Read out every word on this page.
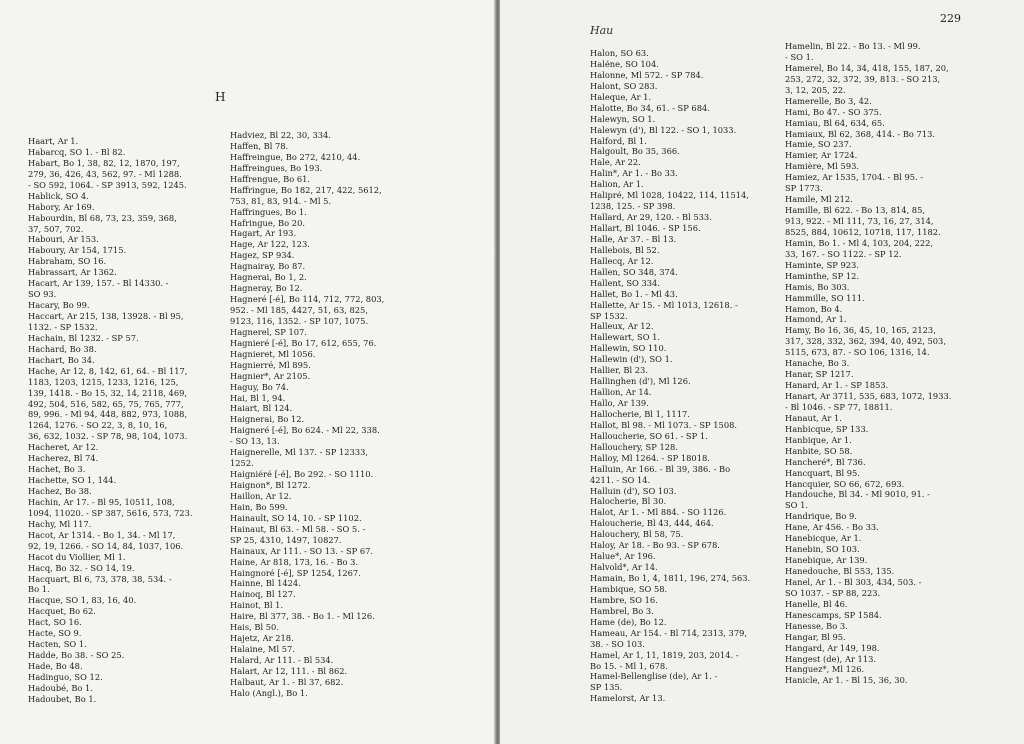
H
Haart, Ar 1.
Habarcq, SO 1. - Bl 82.
Habart, Bo 1, 38, 82, 12, 1870, 197,
279, 36, 426, 43, 562, 97. - Ml 1288.
- SO 592, 1064. - SP 3913, 592, 1245.
Hablick, SO 4.
Habory, Ar 169.
Habourdin, Bl 68, 73, 23, 359, 368,
37, 507, 702.
Habouri, Ar 153.
Haboury, Ar 154, 1715.
Habraham, SO 16.
Habrassart, Ar 1362.
Hacart, Ar 139, 157. - Bl 14330. -
SO 93.
Hacary, Bo 99.
Haccart, Ar 215, 138, 13928. - Bl 95,
1132. - SP 1532.
Hachain, Bl 1232. - SP 57.
Hachard, Bo 38.
Hachart, Bo 34.
Hache, Ar 12, 8, 142, 61, 64. - Bl 117,
1183, 1203, 1215, 1233, 1216, 125,
139, 1418. - Bo 15, 32, 14, 2118, 469,
492, 504, 516, 582, 65, 75, 765, 777,
89, 996. - Ml 94, 448, 882, 973, 1088,
1264, 1276. - SO 22, 3, 8, 10, 16,
36, 632, 1032. - SP 78, 98, 104, 1073.
Hacheret, Ar 12.
Hacherez, Bl 74.
Hachet, Bo 3.
Hachette, SO 1, 144.
Hachez, Bo 38.
Hachin, Ar 17. - Bl 95, 10511, 108,
1094, 11020. - SP 387, 5616, 573, 723.
Hachy, Ml 117.
Hacot, Ar 1314. - Bo 1, 34. - Ml 17,
92, 19, 1266. - SO 14, 84, 1037, 106.
Hacot du Viollier, Ml 1.
Hacq, Bo 32. - SO 14, 19.
Hacquart, Bl 6, 73, 378, 38, 534. -
Bo 1.
Hacque, SO 1, 83, 16, 40.
Hacquet, Bo 62.
Hact, SO 16.
Hacte, SO 9.
Hacten, SO 1.
Hadde, Bo 38. - SO 25.
Hade, Bo 48.
Hadinguo, SO 12.
Hadoubé, Bo 1.
Hadoubet, Bo 1.
Hadviez, Bl 22, 30, 334.
Haffen, Bl 78.
Haffreingue, Bo 272, 4210, 44.
Haffreingues, Bo 193.
Haffrengue, Bo 61.
Haffringue, Bo 182, 217, 422, 5612,
753, 81, 83, 914. - Ml 5.
Haffringues, Bo 1.
Hafringue, Bo 20.
Hagart, Ar 193.
Hage, Ar 122, 123.
Hagez, SP 934.
Hagnairay, Bo 87.
Hagnerai, Bo 1, 2.
Hagneray, Bo 12.
Hagneré [-é], Bo 114, 712, 772, 803,
952. - Ml 185, 4427, 51, 63, 825,
9123, 116, 1352. - SP 107, 1075.
Hagnerel, SP 107.
Hagnieré [-é], Bo 17, 612, 655, 76.
Hagnieret, Ml 1056.
Hagnierré, Ml 895.
Hagnier*, Ar 2105.
Haguy, Bo 74.
Hai, Bl 1, 94.
Haiart, Bl 124.
Haignerai, Bo 12.
Haigneré [-é], Bo 624. - Ml 22, 338.
- SO 13, 13.
Haignerelle, Ml 137. - SP 12333,
1252.
Haigniéré [-é], Bo 292. - SO 1110.
Haignon*, Bl 1272.
Haillon, Ar 12.
Hain, Bo 599.
Hainault, SO 14, 10. - SP 1102.
Hainaut, Bl 63. - Ml 58. - SO 5. -
SP 25, 4310, 1497, 10827.
Hainaux, Ar 111. - SO 13. - SP 67.
Haine, Ar 818, 173, 16. - Bo 3.
Haingnoré [-é], SP 1254, 1267.
Hainne, Bl 1424.
Hainoq, Bl 127.
Hainot, Bl 1.
Haire, Bl 377, 38. - Bo 1. - Ml 126.
Hais, Bl 50.
Hajetz, Ar 218.
Halaine, Ml 57.
Halard, Ar 111. - Bl 534.
Halart, Ar 12, 111. - Bl 862.
Halbaut, Ar 1. - Bl 37, 682.
Halo (Angl.), Bo 1.
229
Hau
Halon, SO 63.
Haléne, SO 104.
Halonne, Ml 572. - SP 784.
Halont, SO 283.
Haleque, Ar 1.
Halotte, Bo 34, 61. - SP 684.
Halewyn, SO 1.
Halewyn (d'), Bl 122. - SO 1, 1033.
Halford, Bl 1.
Halgoult, Bo 35, 366.
Hale, Ar 22.
Halin*, Ar 1. - Bo 33.
Halion, Ar 1.
Halipré, Ml 1028, 10422, 114, 11514,
1238, 125. - SP 398.
Hallard, Ar 29, 120. - Bl 533.
Hallart, Bl 1046. - SP 156.
Halle, Ar 37. - Bl 13.
Hallebois, Bl 52.
Hallecq, Ar 12.
Hallen, SO 348, 374.
Hallent, SO 334.
Hallet, Bo 1. - Ml 43.
Hallette, Ar 15. - Ml 1013, 12618. -
SP 1532.
Halleux, Ar 12.
Hallewart, SO 1.
Hallewin, SO 110.
Hallewin (d'), SO 1.
Hallier, Bl 23.
Hallinghen (d'), Ml 126.
Hallion, Ar 14.
Hallo, Ar 139.
Hallocherie, Bl 1, 1117.
Hallot, Bl 98. - Ml 1073. - SP 1508.
Halloucherie, SO 61. - SP 1.
Hallouchery, SP 128.
Halloy, Ml 1264. - SP 18018.
Halluin, Ar 166. - Bl 39, 386. - Bo
4211. - SO 14.
Halluin (d'), SO 103.
Halocherie, Bl 30.
Halot, Ar 1. - Ml 884. - SO 1126.
Haloucherie, Bl 43, 444, 464.
Halouchery, Bl 58, 75.
Haloy, Ar 18. - Bo 93. - SP 678.
Halue*, Ar 196.
Halvold*, Ar 14.
Hamain, Bo 1, 4, 1811, 196, 274, 563.
Hambique, SO 58.
Hambre, SO 16.
Hambrel, Bo 3.
Hame (de), Bo 12.
Hameau, Ar 154. - Bl 714, 2313, 379,
38. - SO 103.
Hamel, Ar 1, 11, 1819, 203, 2014. -
Bo 15. - Ml 1, 678.
Hamel-Bellenglise (de), Ar 1. -
SP 135.
Hamelorst, Ar 13.
Hamelin, Bl 22. - Bo 13. - Ml 99.
- SO 1.
Hamerel, Bo 14, 34, 418, 155, 187, 20,
253, 272, 32, 372, 39, 813. - SO 213,
3, 12, 205, 22.
Hamerelle, Bo 3, 42.
Hami, Bo 47. - SO 375.
Hamiau, Bl 64, 634, 65.
Hamiaux, Bl 62, 368, 414. - Bo 713.
Hamie, SO 237.
Hamier, Ar 1724.
Hamière, Ml 593.
Hamiez, Ar 1535, 1704. - Bl 95. -
SP 1773.
Hamile, Ml 212.
Hamille, Bl 622. - Bo 13, 814, 85,
913, 922. - Ml 111, 73, 16, 27, 314,
8525, 884, 10612, 10718, 117, 1182.
Hamin, Bo 1. - Ml 4, 103, 204, 222,
33, 167. - SO 1122. - SP 12.
Haminte, SP 923.
Haminthe, SP 12.
Hamis, Bo 303.
Hammille, SO 111.
Hamon, Bo 4.
Hamond, Ar 1.
Hamy, Bo 16, 36, 45, 10, 165, 2123,
317, 328, 332, 362, 394, 40, 492, 503,
5115, 673, 87. - SO 106, 1316, 14.
Hanache, Bo 3.
Hanar, SP 1217.
Hanard, Ar 1. - SP 1853.
Hanart, Ar 3711, 535, 683, 1072, 1933.
- Bl 1046. - SP 77, 18811.
Hanaut, Ar 1.
Hanbicque, SP 133.
Hanbique, Ar 1.
Hanbite, SO 58.
Hancheré*, Bl 736.
Hancquart, Bl 95.
Hancquier, SO 66, 672, 693.
Handouche, Bl 34. - Ml 9010, 91. -
SO 1.
Handrique, Bo 9.
Hane, Ar 456. - Bo 33.
Hanebicque, Ar 1.
Hanebin, SO 103.
Hanebique, Ar 139.
Hanedouche, Bl 553, 135.
Hanel, Ar 1. - Bl 303, 434, 503. -
SO 1037. - SP 88, 223.
Hanelle, Bl 46.
Hanescamps, SP 1584.
Hanesse, Bo 3.
Hangar, Bl 95.
Hangard, Ar 149, 198.
Hangest (de), Ar 113.
Hanguez*, Ml 126.
Hanicle, Ar 1. - Bl 15, 36, 30.
